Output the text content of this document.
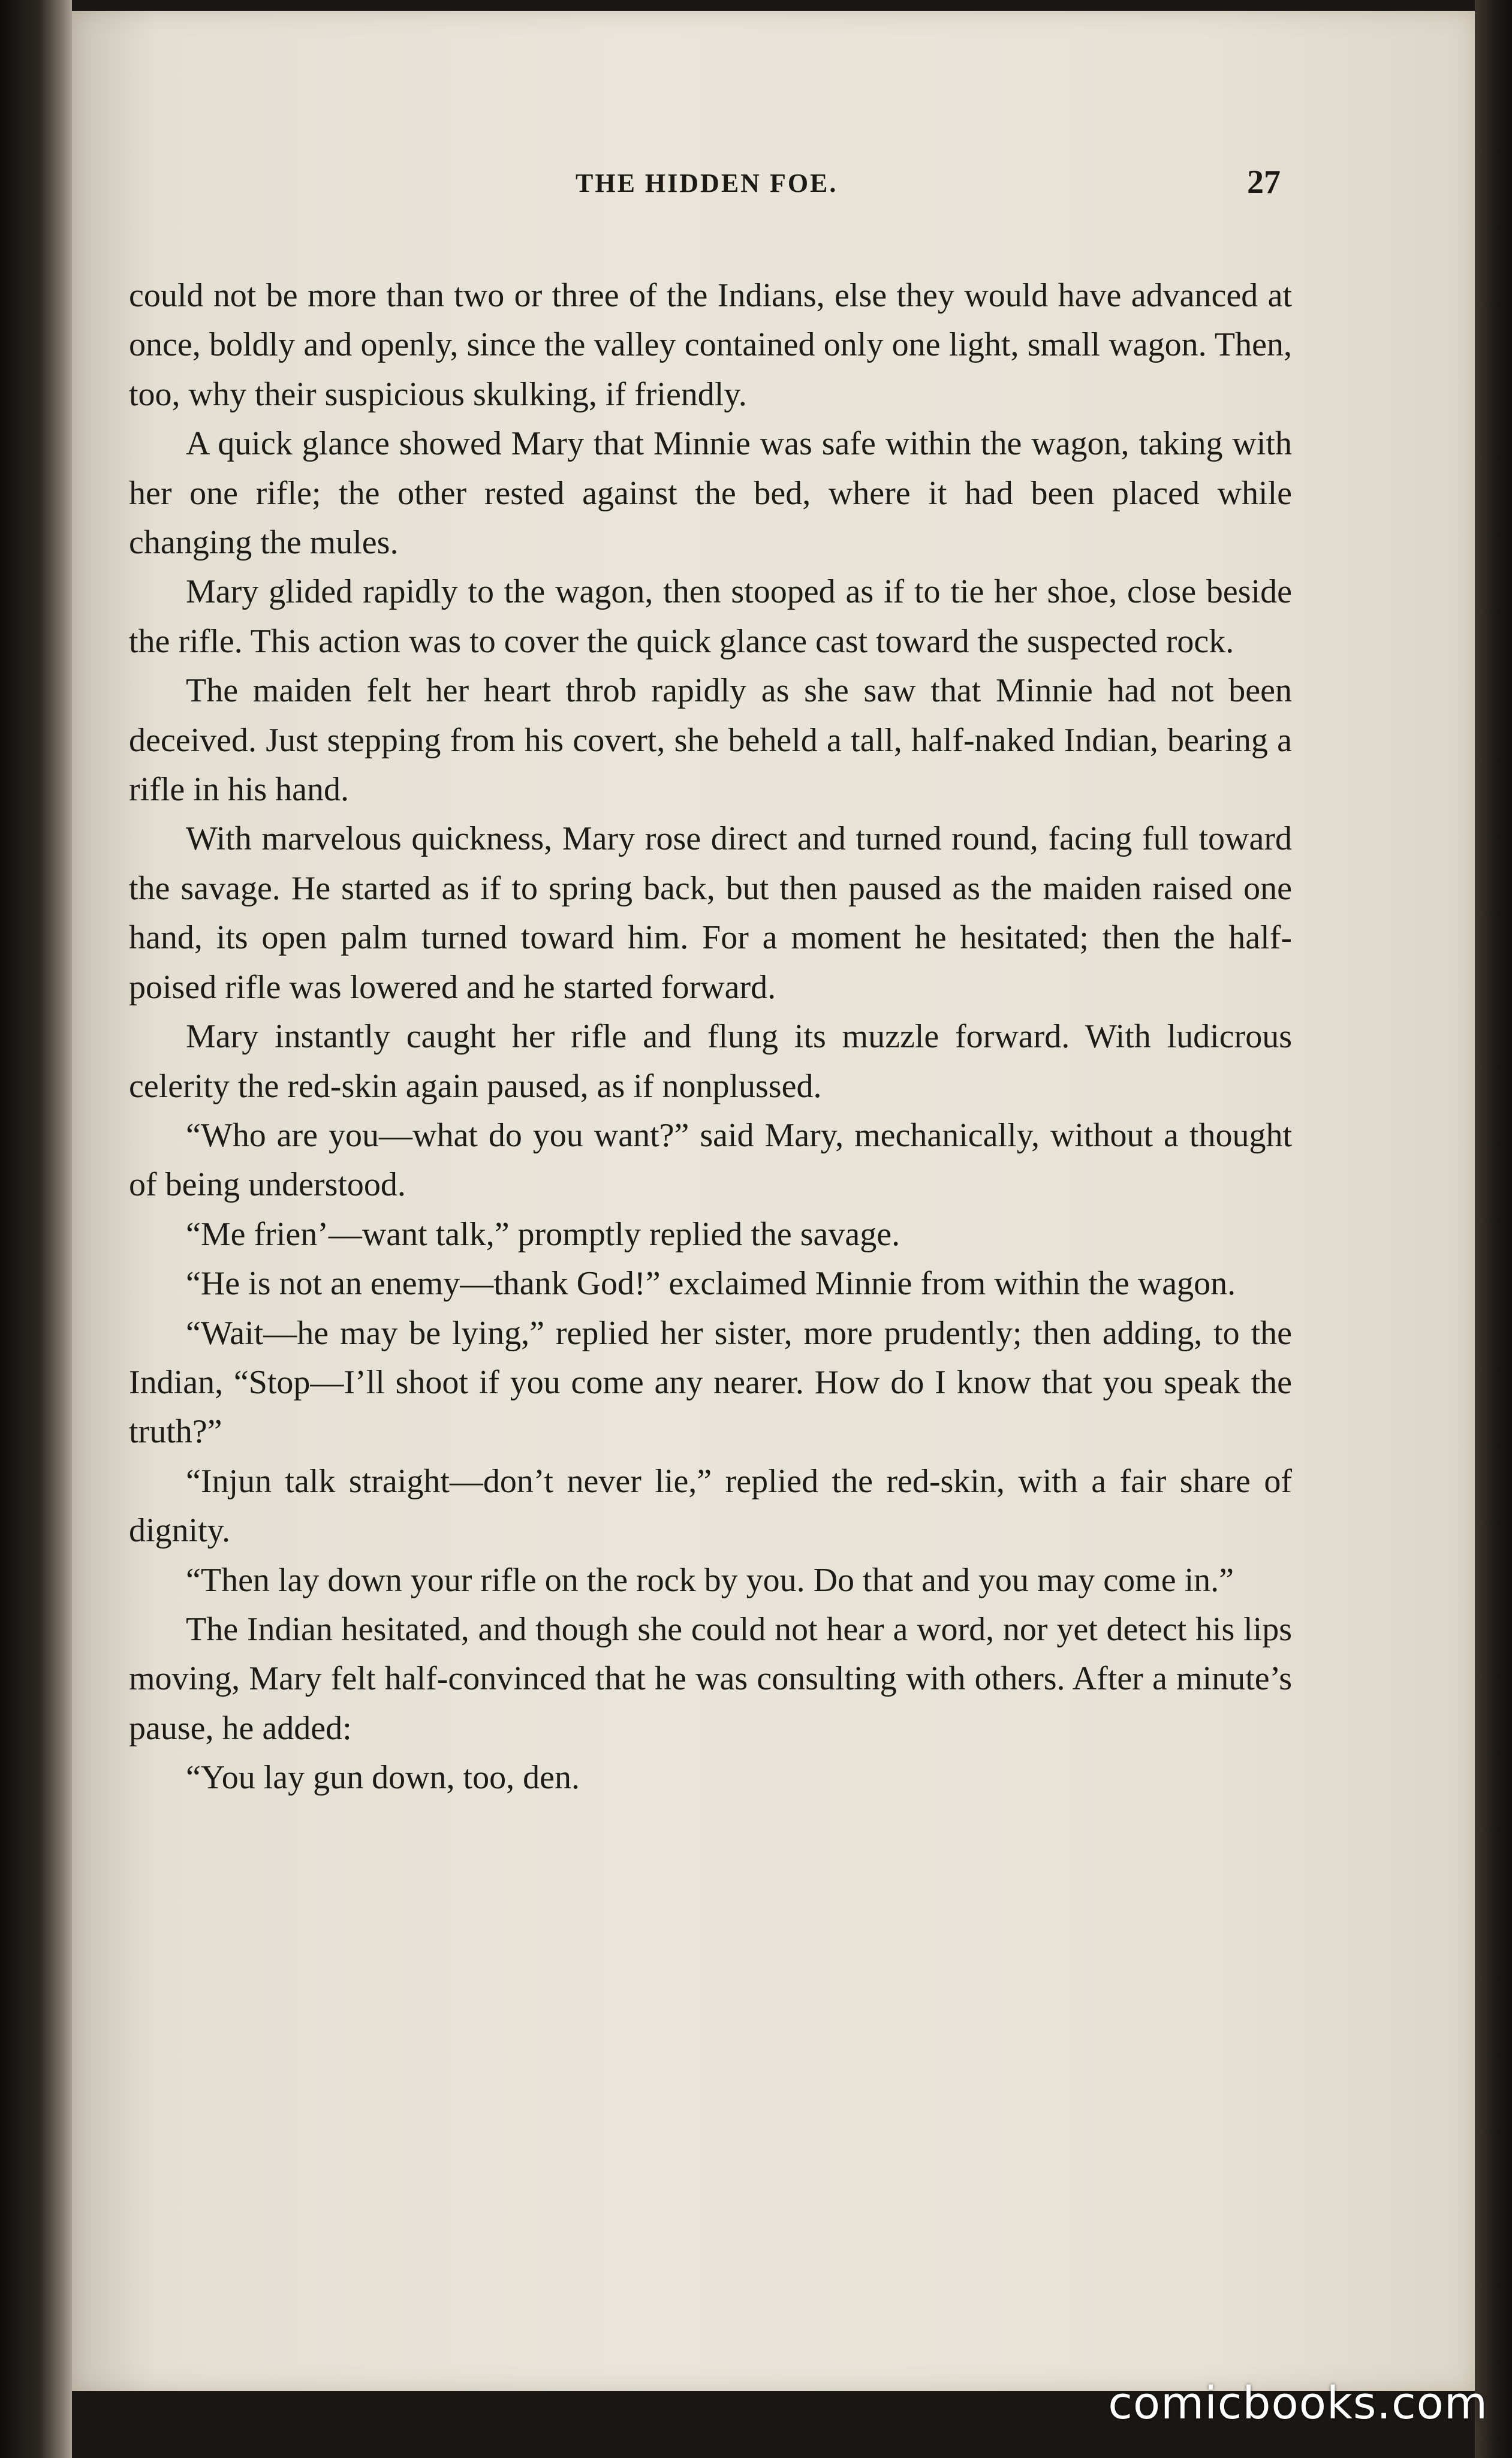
THE HIDDEN FOE.	27

could not be more than two or three of the Indians, else they would have advanced at once, boldly and openly, since the valley contained only one light, small wagon. Then, too, why their suspicious skulking, if friendly.

A quick glance showed Mary that Minnie was safe within the wagon, taking with her one rifle; the other rested against the bed, where it had been placed while changing the mules.

Mary glided rapidly to the wagon, then stooped as if to tie her shoe, close beside the rifle. This action was to cover the quick glance cast toward the suspected rock.

The maiden felt her heart throb rapidly as she saw that Minnie had not been deceived. Just stepping from his covert, she beheld a tall, half-naked Indian, bearing a rifle in his hand.

With marvelous quickness, Mary rose direct and turned round, facing full toward the savage. He started as if to spring back, but then paused as the maiden raised one hand, its open palm turned toward him. For a moment he hesitated; then the half-poised rifle was lowered and he started forward.

Mary instantly caught her rifle and flung its muzzle forward. With ludicrous celerity the red-skin again paused, as if nonplussed.

“Who are you—what do you want?” said Mary, mechanically, without a thought of being understood.

“Me frien’—want talk,” promptly replied the savage.

“He is not an enemy—thank God!” exclaimed Minnie from within the wagon.

“Wait—he may be lying,” replied her sister, more prudently; then adding, to the Indian, “Stop—I’ll shoot if you come any nearer. How do I know that you speak the truth?”

“Injun talk straight—don’t never lie,” replied the red-skin, with a fair share of dignity.

“Then lay down your rifle on the rock by you. Do that and you may come in.”

The Indian hesitated, and though she could not hear a word, nor yet detect his lips moving, Mary felt half-convinced that he was consulting with others. After a minute’s pause, he added:

“You lay gun down, too, den.

comicbooks.com
